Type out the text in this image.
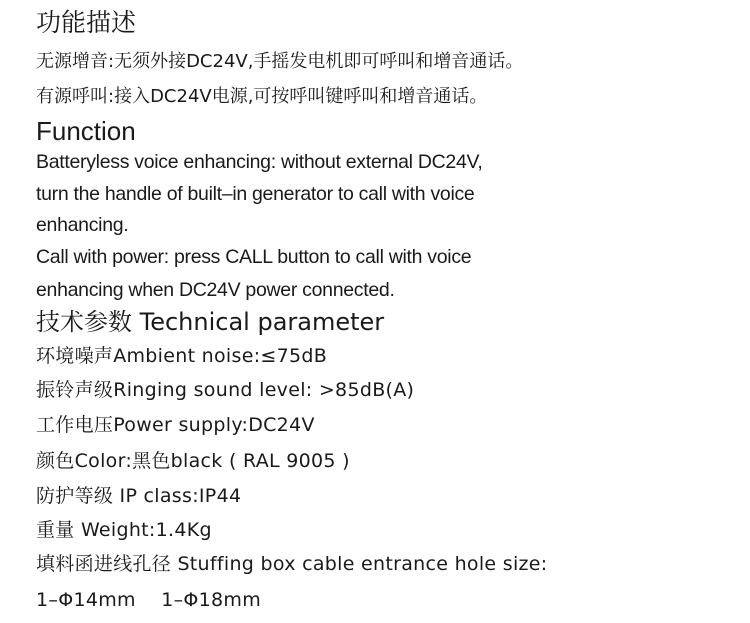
功能描述
无源增音:无须外接DC24V,手摇发电机即可呼叫和增音通话。
有源呼叫:接入DC24V电源,可按呼叫键呼叫和增音通话。
Function
Batteryless voice enhancing: without external DC24V,
turn the handle of built–in generator to call with voice
enhancing.
Call with power: press CALL button to call with voice
enhancing when DC24V power connected.
技术参数 Technical parameter
环境噪声Ambient noise:≤75dB
振铃声级Ringing sound level: >85dB(A)
工作电压Power supply:DC24V
颜色Color:黑色black ( RAL 9005 )
防护等级 IP class:IP44
重量 Weight:1.4Kg
填料函进线孔径 Stuffing box cable entrance hole size:
1–Φ14mm    1–Φ18mm
